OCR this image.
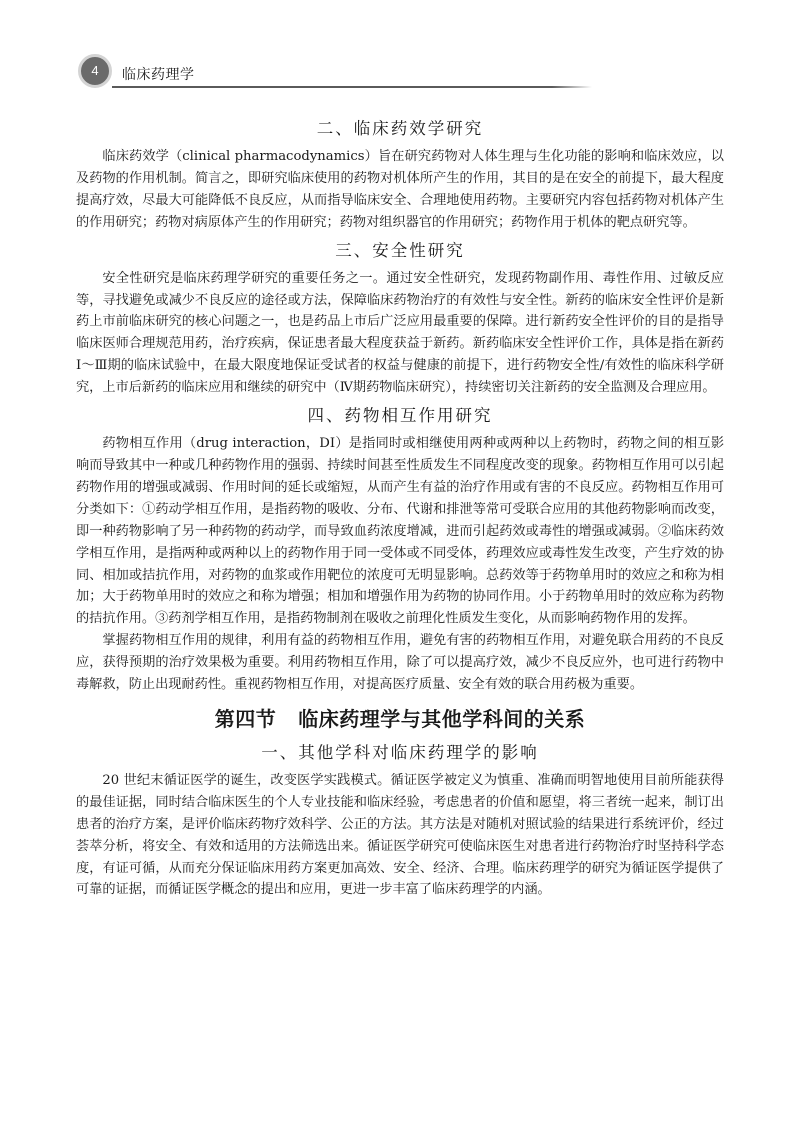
4	临床药理学
二、临床药效学研究

临床药效学（clinical pharmacodynamics）旨在研究药物对人体生理与生化功能的影响和临床效应，以及药物的作用机制。简言之，即研究临床使用的药物对机体所产生的作用，其目的是在安全的前提下，最大程度提高疗效，尽最大可能降低不良反应，从而指导临床安全、合理地使用药物。主要研究内容包括药物对机体产生的作用研究；药物对病原体产生的作用研究；药物对组织器官的作用研究；药物作用于机体的靶点研究等。

三、安全性研究

安全性研究是临床药理学研究的重要任务之一。通过安全性研究，发现药物副作用、毒性作用、过敏反应等，寻找避免或减少不良反应的途径或方法，保障临床药物治疗的有效性与安全性。新药的临床安全性评价是新药上市前临床研究的核心问题之一，也是药品上市后广泛应用最重要的保障。进行新药安全性评价的目的是指导临床医师合理规范用药，治疗疾病，保证患者最大程度获益于新药。新药临床安全性评价工作，具体是指在新药Ⅰ～Ⅲ期的临床试验中，在最大限度地保证受试者的权益与健康的前提下，进行药物安全性/有效性的临床科学研究，上市后新药的临床应用和继续的研究中（Ⅳ期药物临床研究），持续密切关注新药的安全监测及合理应用。

四、药物相互作用研究

药物相互作用（drug interaction，DI）是指同时或相继使用两种或两种以上药物时，药物之间的相互影响而导致其中一种或几种药物作用的强弱、持续时间甚至性质发生不同程度改变的现象。药物相互作用可以引起药物作用的增强或减弱、作用时间的延长或缩短，从而产生有益的治疗作用或有害的不良反应。药物相互作用可分类如下：①药动学相互作用，是指药物的吸收、分布、代谢和排泄等常可受联合应用的其他药物影响而改变，即一种药物影响了另一种药物的药动学，而导致血药浓度增减，进而引起药效或毒性的增强或减弱。②临床药效学相互作用，是指两种或两种以上的药物作用于同一受体或不同受体，药理效应或毒性发生改变，产生疗效的协同、相加或拮抗作用，对药物的血浆或作用靶位的浓度可无明显影响。总药效等于药物单用时的效应之和称为相加；大于药物单用时的效应之和称为增强；相加和增强作用为药物的协同作用。小于药物单用时的效应称为药物的拮抗作用。③药剂学相互作用，是指药物制剂在吸收之前理化性质发生变化，从而影响药物作用的发挥。

掌握药物相互作用的规律，利用有益的药物相互作用，避免有害的药物相互作用，对避免联合用药的不良反应，获得预期的治疗效果极为重要。利用药物相互作用，除了可以提高疗效，减少不良反应外，也可进行药物中毒解救，防止出现耐药性。重视药物相互作用，对提高医疗质量、安全有效的联合用药极为重要。

第四节 临床药理学与其他学科间的关系
一、其他学科对临床药理学的影响

20 世纪末循证医学的诞生，改变医学实践模式。循证医学被定义为慎重、准确而明智地使用目前所能获得的最佳证据，同时结合临床医生的个人专业技能和临床经验，考虑患者的价值和愿望，将三者统一起来，制订出患者的治疗方案，是评价临床药物疗效科学、公正的方法。其方法是对随机对照试验的结果进行系统评价，经过荟萃分析，将安全、有效和适用的方法筛选出来。循证医学研究可使临床医生对患者进行药物治疗时坚持科学态度，有证可循，从而充分保证临床用药方案更加高效、安全、经济、合理。临床药理学的研究为循证医学提供了可靠的证据，而循证医学概念的提出和应用，更进一步丰富了临床药理学的内涵。
